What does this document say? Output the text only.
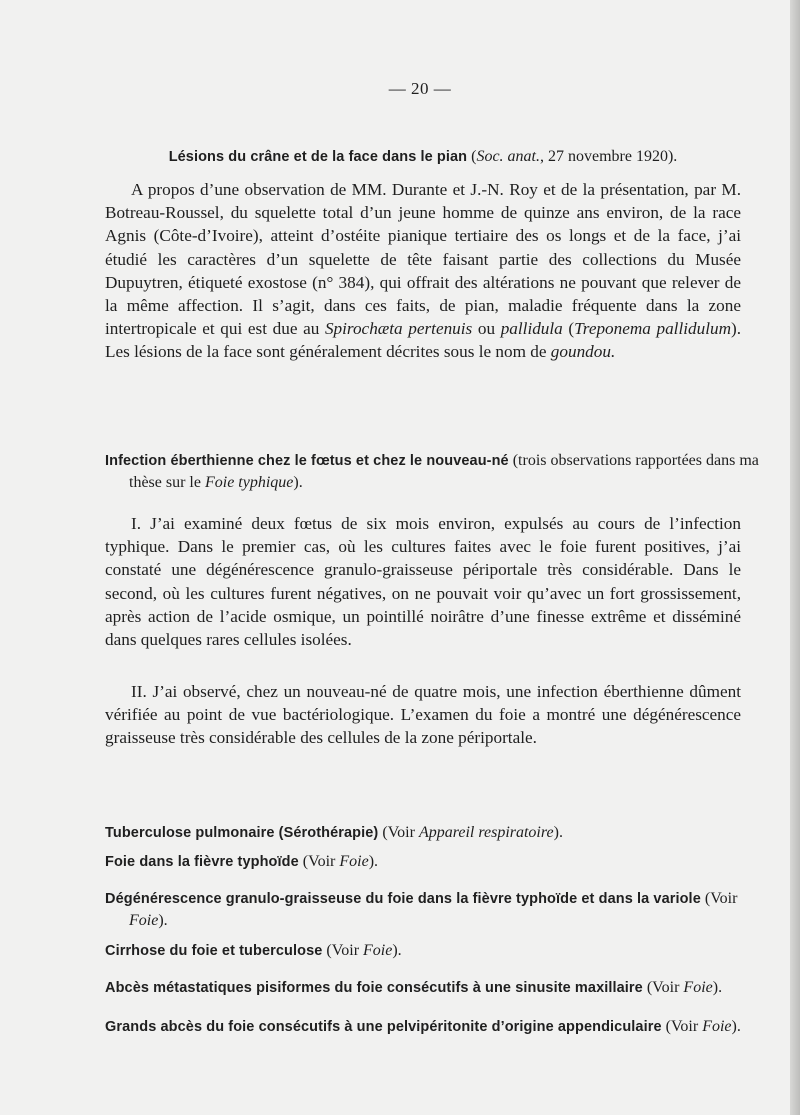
— 20 —
Lésions du crâne et de la face dans le pian (Soc. anat., 27 novembre 1920).

A propos d’une observation de MM. Durante et J.-N. Roy et de la présentation, par M. Botreau-Roussel, du squelette total d’un jeune homme de quinze ans environ, de la race Agnis (Côte-d’Ivoire), atteint d’ostéite pianique tertiaire des os longs et de la face, j’ai étudié les caractères d’un squelette de tête faisant partie des collections du Musée Dupuytren, étiqueté exostose (n° 384), qui offrait des altérations ne pouvant que relever de la même affection. Il s’agit, dans ces faits, de pian, maladie fréquente dans la zone intertropicale et qui est due au Spirochæta pertenuis ou pallidula (Treponema pallidulum). Les lésions de la face sont généralement décrites sous le nom de goundou.

Infection éberthienne chez le fœtus et chez le nouveau-né (trois observations rapportées dans ma thèse sur le Foie typhique).

I. J’ai examiné deux fœtus de six mois environ, expulsés au cours de l’infection typhique. Dans le premier cas, où les cultures faites avec le foie furent positives, j’ai constaté une dégénérescence granulo-graisseuse périportale très considérable. Dans le second, où les cultures furent négatives, on ne pouvait voir qu’avec un fort grossissement, après action de l’acide osmique, un pointillé noirâtre d’une finesse extrême et disséminé dans quelques rares cellules isolées.

II. J’ai observé, chez un nouveau-né de quatre mois, une infection éberthienne dûment vérifiée au point de vue bactériologique. L’examen du foie a montré une dégénérescence graisseuse très considérable des cellules de la zone périportale.

Tuberculose pulmonaire (Sérothérapie) (Voir Appareil respiratoire).
Foie dans la fièvre typhoïde (Voir Foie).
Dégénérescence granulo-graisseuse du foie dans la fièvre typhoïde et dans la variole (Voir Foie).
Cirrhose du foie et tuberculose (Voir Foie).
Abcès métastatiques pisiformes du foie consécutifs à une sinusite maxillaire (Voir Foie).
Grands abcès du foie consécutifs à une pelvipéritonite d’origine appendiculaire (Voir Foie).
